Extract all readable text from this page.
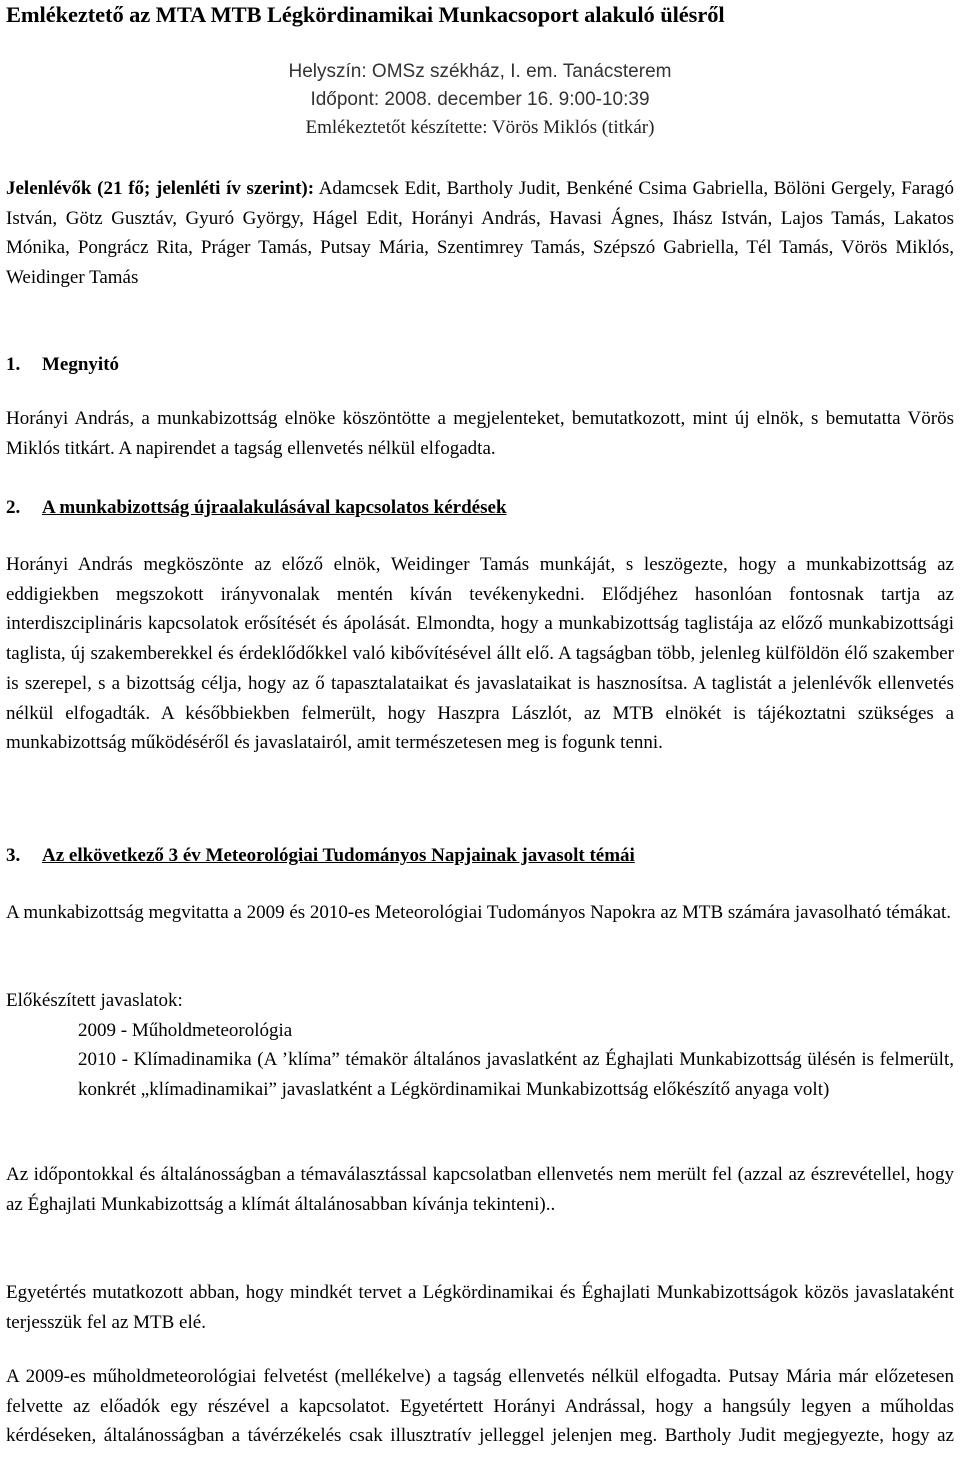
Emlékeztető az MTA MTB Légkördinamikai Munkacsoport alakuló ülésről
Helyszín: OMSz székház, I. em. Tanácsterem
Időpont: 2008. december 16. 9:00-10:39
Emlékeztetőt készítette: Vörös Miklós (titkár)

Jelenlévők (21 fő; jelenléti ív szerint): Adamcsek Edit, Bartholy Judit, Benkéné Csima Gabriella, Bölöni Gergely, Faragó István, Götz Gusztáv, Gyuró György, Hágel Edit, Horányi András, Havasi Ágnes, Ihász István, Lajos Tamás, Lakatos Mónika, Pongrácz Rita, Práger Tamás, Putsay Mária, Szentimrey Tamás, Szépszó Gabriella, Tél Tamás, Vörös Miklós, Weidinger Tamás

1. Megnyitó

Horányi András, a munkabizottság elnöke köszöntötte a megjelenteket, bemutatkozott, mint új elnök, s bemutatta Vörös Miklós titkárt. A napirendet a tagság ellenvetés nélkül elfogadta.

2. A munkabizottság újraalakulásával kapcsolatos kérdések

Horányi András megköszönte az előző elnök, Weidinger Tamás munkáját, s leszögezte, hogy a munkabizottság az eddigiekben megszokott irányvonalak mentén kíván tevékenykedni. Elődjéhez hasonlóan fontosnak tartja az interdiszciplináris kapcsolatok erősítését és ápolását. Elmondta, hogy a munkabizottság taglistája az előző munkabizottsági taglista, új szakemberekkel és érdeklődőkkel való kibővítésével állt elő. A tagságban több, jelenleg külföldön élő szakember is szerepel, s a bizottság célja, hogy az ő tapasztalataikat és javaslataikat is hasznosítsa. A taglistát a jelenlévők ellenvetés nélkül elfogadták. A későbbiekben felmerült, hogy Haszpra Lászlót, az MTB elnökét is tájékoztatni szükséges a munkabizottság működéséről és javaslatairól, amit természetesen meg is fogunk tenni.

3. Az elkövetkező 3 év Meteorológiai Tudományos Napjainak javasolt témái

A munkabizottság megvitatta a 2009 és 2010-es Meteorológiai Tudományos Napokra az MTB számára javasolható témákat.

Előkészített javaslatok:

2009 - Műholdmeteorológia

2010 - Klímadinamika (A ’klíma” témakör általános javaslatként az Éghajlati Munkabizottság ülésén is felmerült, konkrét „klímadinamikai” javaslatként a Légkördinamikai Munkabizottság előkészítő anyaga volt)

Az időpontokkal és általánosságban a témaválasztással kapcsolatban ellenvetés nem merült fel (azzal az észrevétellel, hogy az Éghajlati Munkabizottság a klímát általánosabban kívánja tekinteni)..

Egyetértés mutatkozott abban, hogy mindkét tervet a Légkördinamikai és Éghajlati Munkabizottságok közös javaslataként terjesszük fel az MTB elé.

A 2009-es műholdmeteorológiai felvetést (mellékelve) a tagság ellenvetés nélkül elfogadta. Putsay Mária már előzetesen felvette az előadók egy részével a kapcsolatot. Egyetértett Horányi Andrással, hogy a hangsúly legyen a műholdas kérdéseken, általánosságban a távérzékelés csak illusztratív jelleggel jelenjen meg. Bartholy Judit megjegyezte, hogy az
